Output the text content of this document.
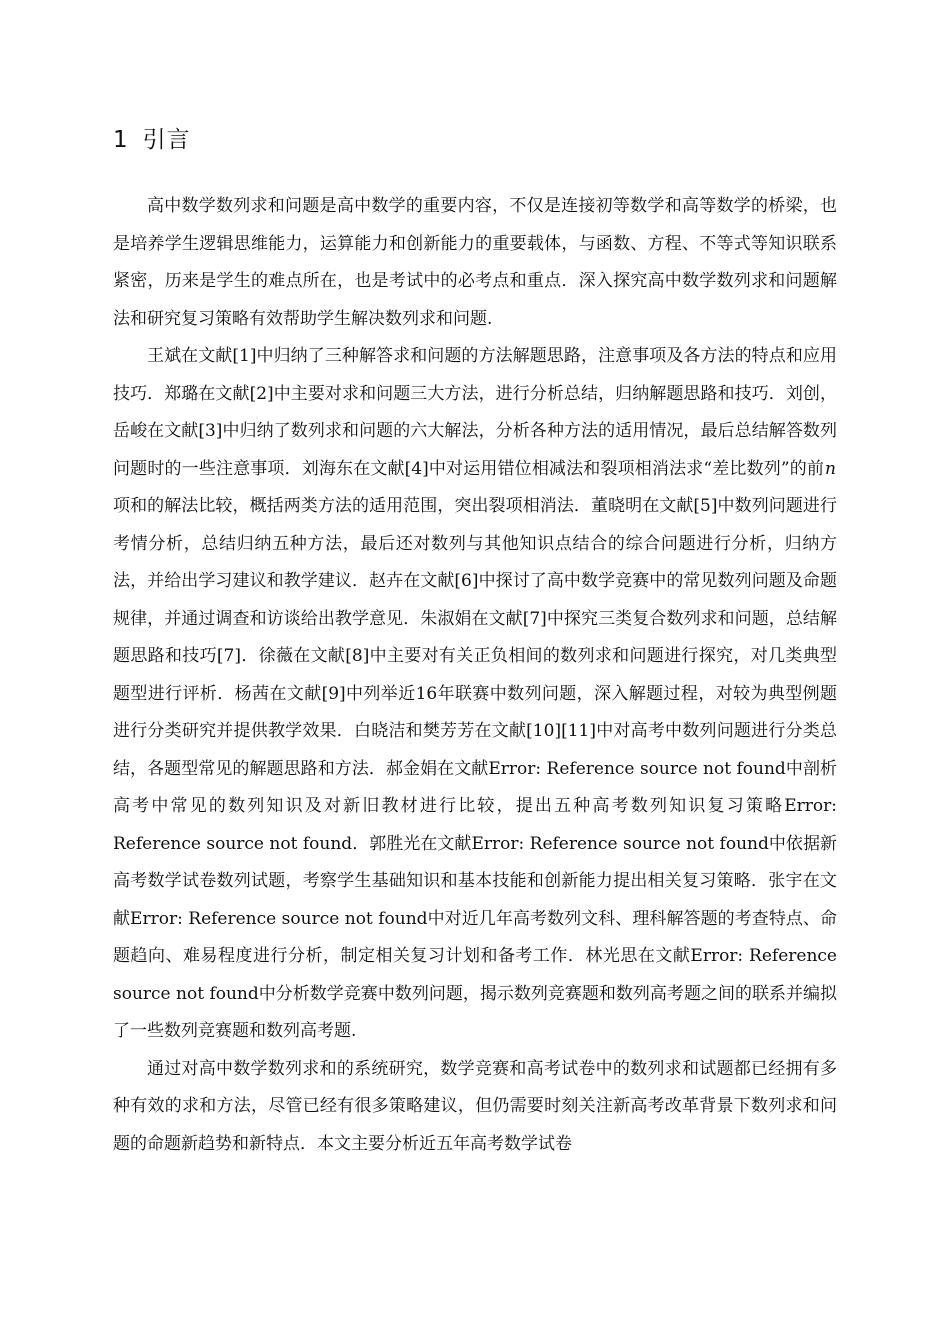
1 引言

高中数学数列求和问题是高中数学的重要内容，不仅是连接初等数学和高等数学的桥梁，也是培养学生逻辑思维能力，运算能力和创新能力的重要载体，与函数、方程、不等式等知识联系紧密，历来是学生的难点所在，也是考试中的必考点和重点．深入探究高中数学数列求和问题解法和研究复习策略有效帮助学生解决数列求和问题.

王斌在文献[1]中归纳了三种解答求和问题的方法解题思路，注意事项及各方法的特点和应用技巧．郑璐在文献[2]中主要对求和问题三大方法，进行分析总结，归纳解题思路和技巧．刘创，岳峻在文献[3]中归纳了数列求和问题的六大解法，分析各种方法的适用情况，最后总结解答数列问题时的一些注意事项．刘海东在文献[4]中对运用错位相减法和裂项相消法求“差比数列”的前n项和的解法比较，概括两类方法的适用范围，突出裂项相消法．董晓明在文献[5]中数列问题进行考情分析，总结归纳五种方法，最后还对数列与其他知识点结合的综合问题进行分析，归纳方法，并给出学习建议和教学建议．赵卉在文献[6]中探讨了高中数学竞赛中的常见数列问题及命题规律，并通过调查和访谈给出教学意见．朱淑娟在文献[7]中探究三类复合数列求和问题，总结解题思路和技巧[7]．徐薇在文献[8]中主要对有关正负相间的数列求和问题进行探究，对几类典型题型进行评析．杨茜在文献[9]中列举近16年联赛中数列问题，深入解题过程，对较为典型例题进行分类研究并提供教学效果．白晓洁和樊芳芳在文献[10][11]中对高考中数列问题进行分类总结，各题型常见的解题思路和方法．郝金娟在文献Error: Reference source not found中剖析高考中常见的数列知识及对新旧教材进行比较，提出五种高考数列知识复习策略Error: Reference source not found．郭胜光在文献Error: Reference source not found中依据新高考数学试卷数列试题，考察学生基础知识和基本技能和创新能力提出相关复习策略．张宇在文献Error: Reference source not found中对近几年高考数列文科、理科解答题的考查特点、命题趋向、难易程度进行分析，制定相关复习计划和备考工作．林光思在文献Error: Reference source not found中分析数学竞赛中数列问题，揭示数列竞赛题和数列高考题之间的联系并编拟了一些数列竞赛题和数列高考题.

通过对高中数学数列求和的系统研究，数学竞赛和高考试卷中的数列求和试题都已经拥有多种有效的求和方法，尽管已经有很多策略建议，但仍需要时刻关注新高考改革背景下数列求和问题的命题新趋势和新特点．本文主要分析近五年高考数学试卷
